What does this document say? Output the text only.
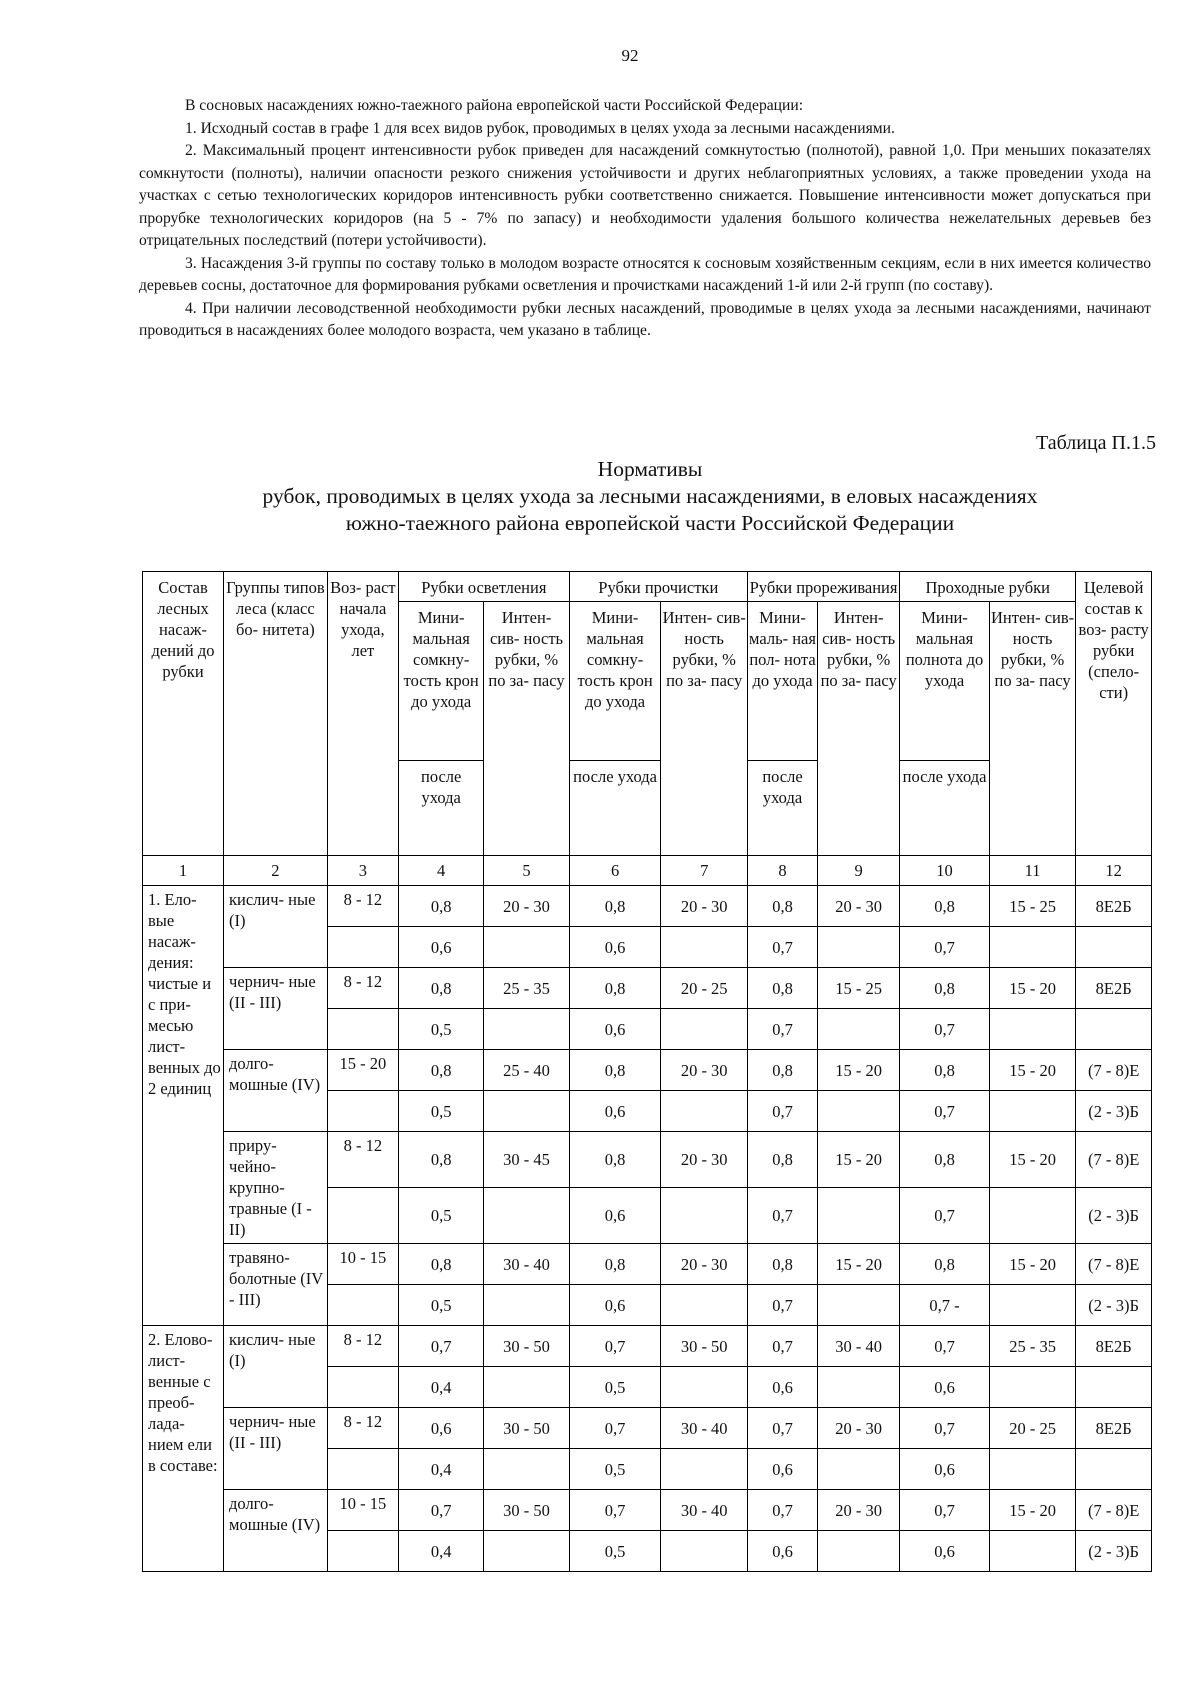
92

В сосновых насаждениях южно-таежного района европейской части Российской Федерации:

1. Исходный состав в графе 1 для всех видов рубок, проводимых в целях ухода за лесными насаждениями.

2. Максимальный процент интенсивности рубок приведен для насаждений сомкнутостью (полнотой), равной 1,0. При меньших показателях сомкнутости (полноты), наличии опасности резкого снижения устойчивости и других неблагоприятных условиях, а также проведении ухода на участках с сетью технологических коридоров интенсивность рубки соответственно снижается. Повышение интенсивности может допускаться при прорубке технологических коридоров (на 5 - 7% по запасу) и необходимости удаления большого количества нежелательных деревьев без отрицательных последствий (потери устойчивости).

3. Насаждения 3-й группы по составу только в молодом возрасте относятся к сосновым хозяйственным секциям, если в них имеется количество деревьев сосны, достаточное для формирования рубками осветления и прочистками насаждений 1-й или 2-й групп (по составу).

4. При наличии лесоводственной необходимости рубки лесных насаждений, проводимые в целях ухода за лесными насаждениями, начинают проводиться в насаждениях более молодого возраста, чем указано в таблице.

Таблица П.1.5
Нормативы
рубок, проводимых в целях ухода за лесными насаждениями, в еловых насаждениях
южно-таежного района европейской части Российской Федерации
Состав лесных насаж- дений до рубки	Группы типов леса (класс бо- нитета)	Воз- раст начала ухода, лет	Рубки осветления		Рубки прочистки		Рубки прореживания		Проходные рубки		Целевой состав к воз- расту рубки (спело- сти)
			Мини- мальная сомкну- тость крон до ухода	Интен- сив- ность рубки, % по за- пасу	Мини- мальная сомкну- тость крон до ухода	Интен- сив- ность рубки, % по за- пасу	Мини- маль- ная пол- нота до ухода	Интен- сив- ность рубки, % по за- пасу	Мини- мальная полнота до ухода	Интен- сив- ность рубки, % по за- пасу	
			после ухода		после ухода		после ухода		после ухода		
1	2	3	4	5	6	7	8	9	10	11	12
1. Ело- вые насаж- дения: чистые и с при- месью лист- венных до 2 единиц	кислич- ные (I)	8 - 12	0,8	20 - 30	0,8	20 - 30	0,8	20 - 30	0,8	15 - 25	8Е2Б
			0,6		0,6		0,7		0,7		
	чернич- ные (II - III)	8 - 12	0,8	25 - 35	0,8	20 - 25	0,8	15 - 25	0,8	15 - 20	8Е2Б
			0,5		0,6		0,7		0,7		
	долго- мошные (IV)	15 - 20	0,8	25 - 40	0,8	20 - 30	0,8	15 - 20	0,8	15 - 20	(7 - 8)Е
			0,5		0,6		0,7		0,7		(2 - 3)Б
	приру- чейно- крупно- травные (I - II)	8 - 12	0,8	30 - 45	0,8	20 - 30	0,8	15 - 20	0,8	15 - 20	(7 - 8)Е
			0,5		0,6		0,7		0,7		(2 - 3)Б
	травяно- болотные (IV - III)	10 - 15	0,8	30 - 40	0,8	20 - 30	0,8	15 - 20	0,8	15 - 20	(7 - 8)Е
			0,5		0,6		0,7		0,7 -		(2 - 3)Б
2. Елово- лист- венные с преоб- лада- нием ели в составе:	кислич- ные (I)	8 - 12	0,7	30 - 50	0,7	30 - 50	0,7	30 - 40	0,7	25 - 35	8Е2Б
			0,4		0,5		0,6		0,6		
	чернич- ные (II - III)	8 - 12	0,6	30 - 50	0,7	30 - 40	0,7	20 - 30	0,7	20 - 25	8Е2Б
			0,4		0,5		0,6		0,6		
	долго- мошные (IV)	10 - 15	0,7	30 - 50	0,7	30 - 40	0,7	20 - 30	0,7	15 - 20	(7 - 8)Е
			0,4		0,5		0,6		0,6		(2 - 3)Б
